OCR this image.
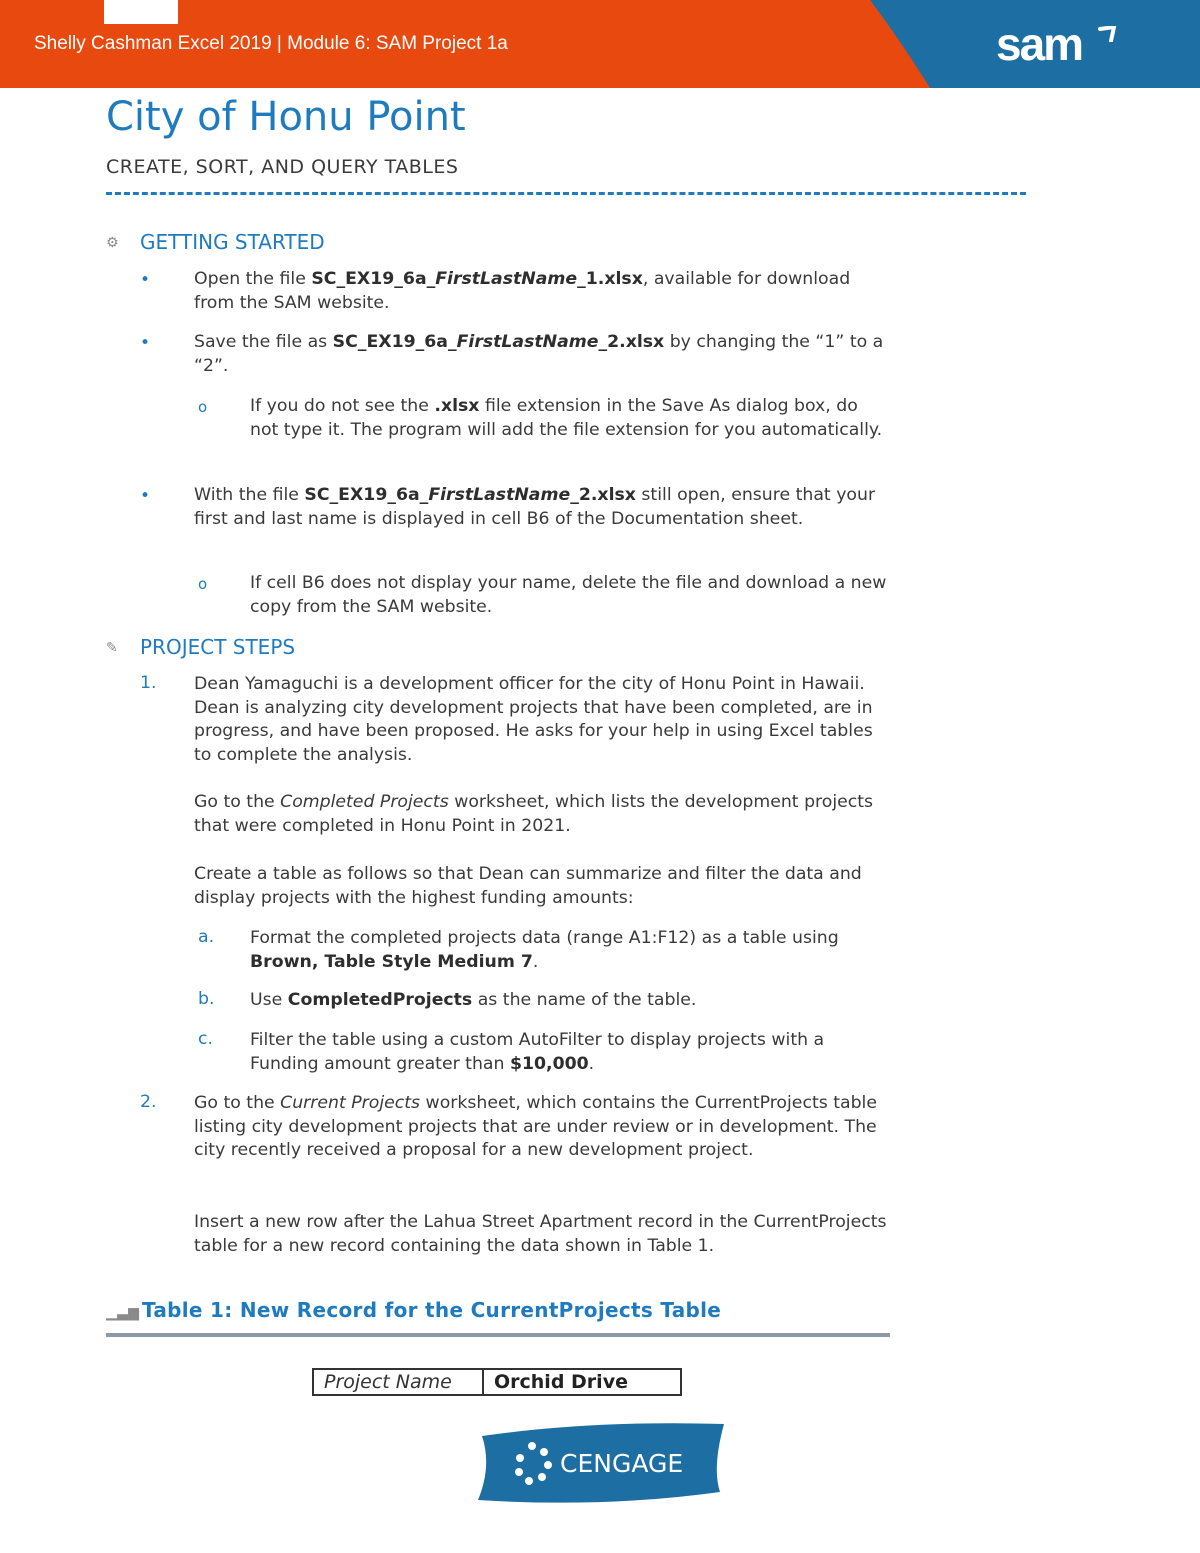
Shelly Cashman Excel 2019 | Module 6: SAM Project 1a	sam
City of Honu Point
CREATE, SORT, AND QUERY TABLES
⚙ GETTING STARTED
•	Open the file SC_EX19_6a_FirstLastName_1.xlsx, available for download from the SAM website.
•	Save the file as SC_EX19_6a_FirstLastName_2.xlsx by changing the “1” to a “2”.
o If you do not see the .xlsx file extension in the Save As dialog box, do not type it. The program will add the file extension for you automatically.
•	With the file SC_EX19_6a_FirstLastName_2.xlsx still open, ensure that your first and last name is displayed in cell B6 of the Documentation sheet.
o If cell B6 does not display your name, delete the file and download a new copy from the SAM website.
✎ PROJECT STEPS
1. Dean Yamaguchi is a development officer for the city of Honu Point in Hawaii. Dean is analyzing city development projects that have been completed, are in progress, and have been proposed. He asks for your help in using Excel tables to complete the analysis.
Go to the Completed Projects worksheet, which lists the development projects that were completed in Honu Point in 2021.
Create a table as follows so that Dean can summarize and filter the data and display projects with the highest funding amounts:
a. Format the completed projects data (range A1:F12) as a table using Brown, Table Style Medium 7.
b. Use CompletedProjects as the name of the table.
c. Filter the table using a custom AutoFilter to display projects with a Funding amount greater than $10,000.
2. Go to the Current Projects worksheet, which contains the CurrentProjects table listing city development projects that are under review or in development. The city recently received a proposal for a new development project.
Insert a new row after the Lahua Street Apartment record in the CurrentProjects table for a new record containing the data shown in Table 1.
▁▃▆ Table 1: New Record for the CurrentProjects Table
Project Name	Orchid Drive
CENGAGE
